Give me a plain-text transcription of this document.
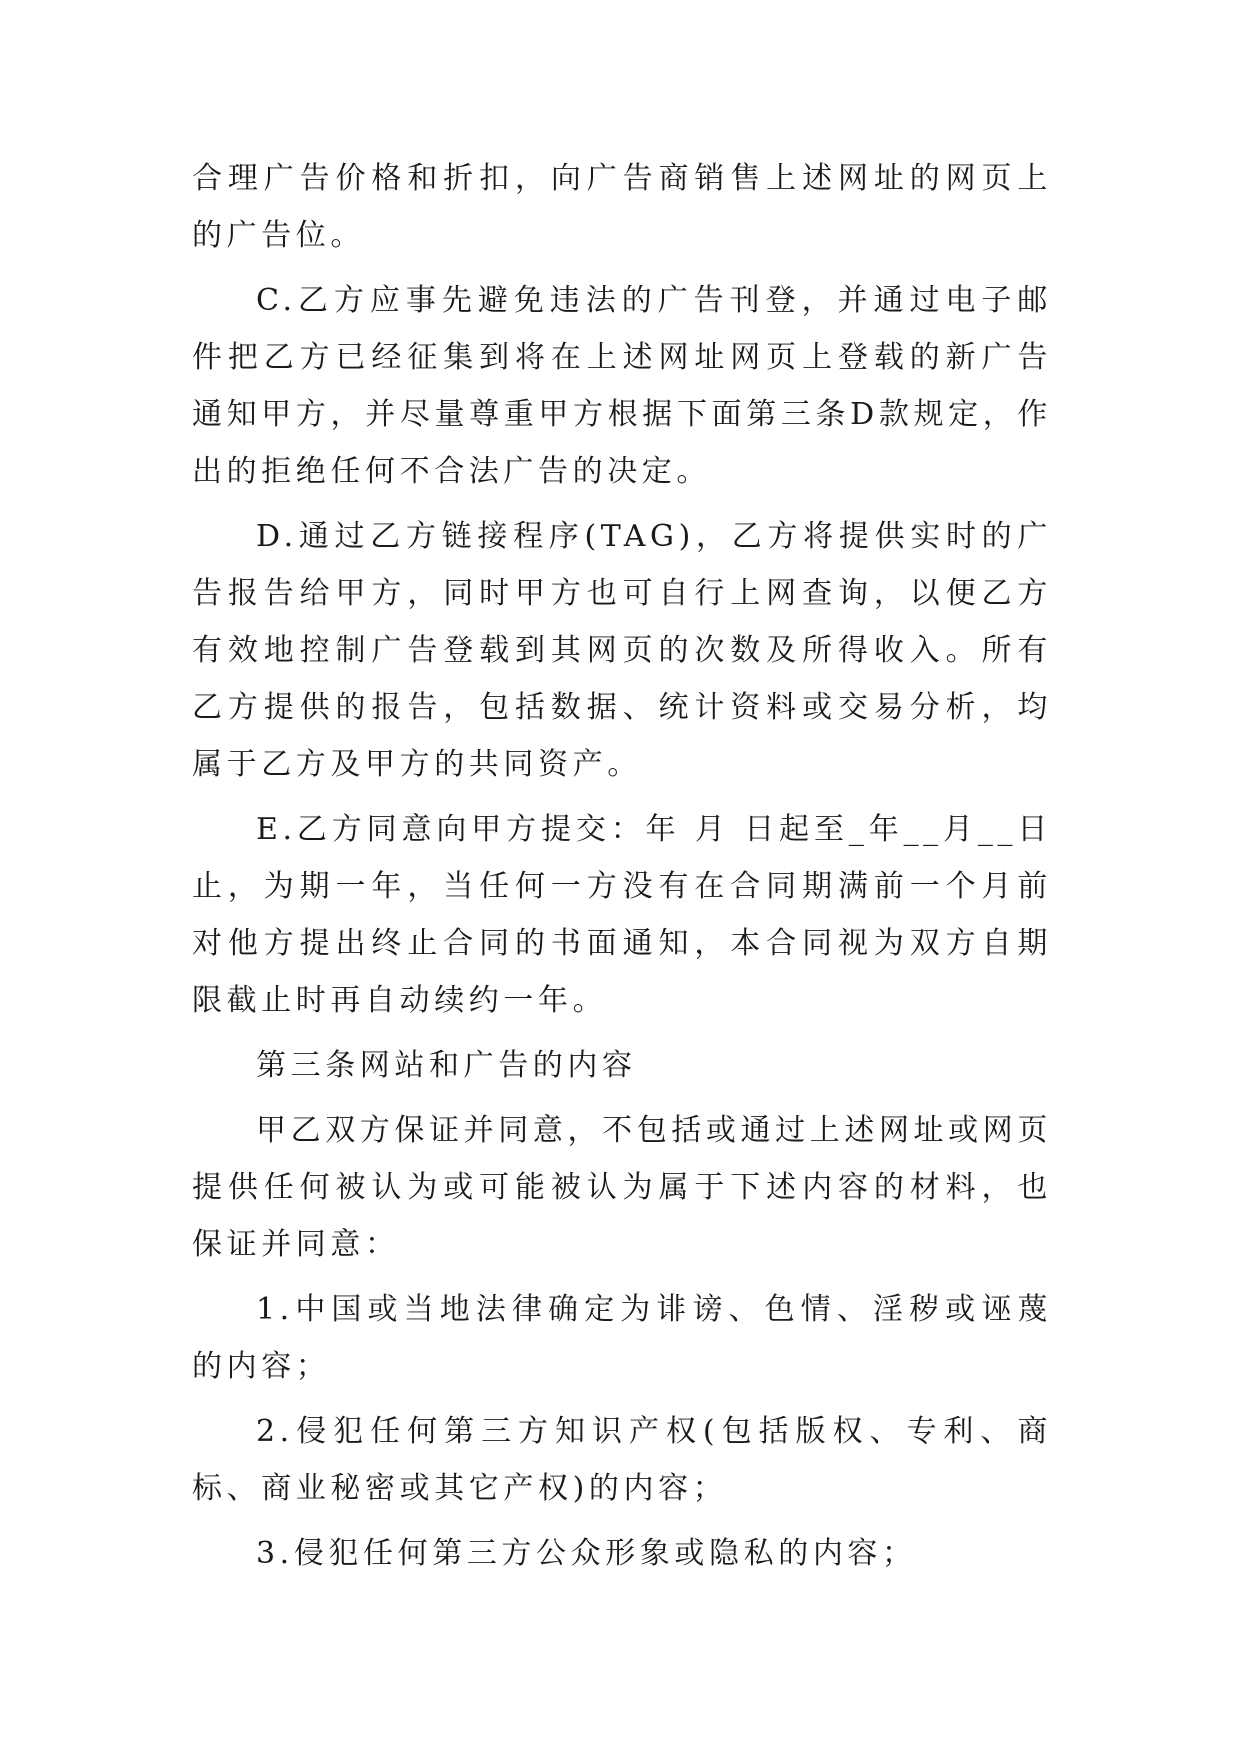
合理广告价格和折扣，向广告商销售上述网址的网页上的广告位。

C.乙方应事先避免违法的广告刊登，并通过电子邮件把乙方已经征集到将在上述网址网页上登载的新广告通知甲方，并尽量尊重甲方根据下面第三条D款规定，作出的拒绝任何不合法广告的决定。

D.通过乙方链接程序(TAG)，乙方将提供实时的广告报告给甲方，同时甲方也可自行上网查询，以便乙方有效地控制广告登载到其网页的次数及所得收入。所有乙方提供的报告，包括数据、统计资料或交易分析，均属于乙方及甲方的共同资产。

E.乙方同意向甲方提交：年 月 日起至_年__月__日止，为期一年，当任何一方没有在合同期满前一个月前对他方提出终止合同的书面通知，本合同视为双方自期限截止时再自动续约一年。

第三条网站和广告的内容

甲乙双方保证并同意，不包括或通过上述网址或网页提供任何被认为或可能被认为属于下述内容的材料，也保证并同意：

1.中国或当地法律确定为诽谤、色情、淫秽或诬蔑的内容；

2.侵犯任何第三方知识产权(包括版权、专利、商标、商业秘密或其它产权)的内容；

3.侵犯任何第三方公众形象或隐私的内容；
